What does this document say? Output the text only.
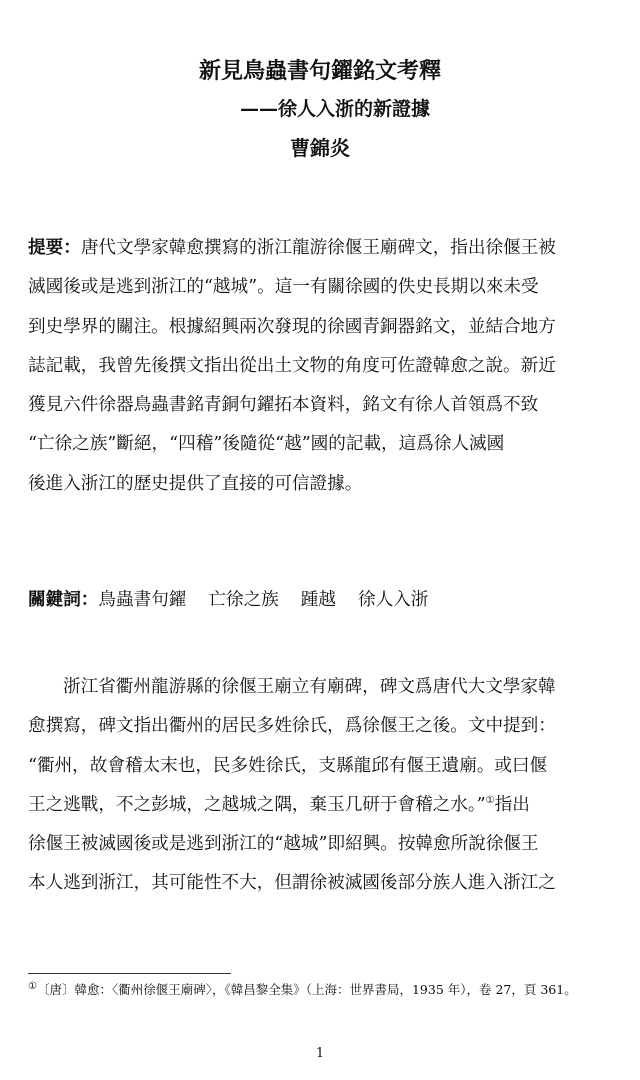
新見鳥蟲書句鑃銘文考釋

——徐人入浙的新證據

曹錦炎

提要：唐代文學家韓愈撰寫的浙江龍游徐偃王廟碑文，指出徐偃王被
滅國後或是逃到浙江的“越城”。這一有關徐國的佚史長期以來未受
到史學界的關注。根據紹興兩次發現的徐國青銅器銘文，並結合地方
誌記載，我曾先後撰文指出從出土文物的角度可佐證韓愈之說。新近
獲見六件徐器鳥蟲書銘青銅句鑃拓本資料，銘文有徐人首領爲不致
“亡徐之族”斷絕，“四稽”後隨從“越”國的記載，這爲徐人滅國
後進入浙江的歷史提供了直接的可信證據。
關鍵詞：鳥蟲書句鑃 亡徐之族 踵越 徐人入浙
浙江省衢州龍游縣的徐偃王廟立有廟碑，碑文爲唐代大文學家韓
愈撰寫，碑文指出衢州的居民多姓徐氏，爲徐偃王之後。文中提到：
“衢州，故會稽太末也，民多姓徐氏，支縣龍邱有偃王遺廟。或曰偃
王之逃戰，不之彭城，之越城之隅，棄玉几研于會稽之水。”①指出
徐偃王被滅國後或是逃到浙江的“越城”即紹興。按韓愈所說徐偃王
本人逃到浙江，其可能性不大，但謂徐被滅國後部分族人進入浙江之

①〔唐〕韓愈：〈衢州徐偃王廟碑〉，《韓昌黎全集》（上海：世界書局，1935 年），卷 27，頁 361。

1
